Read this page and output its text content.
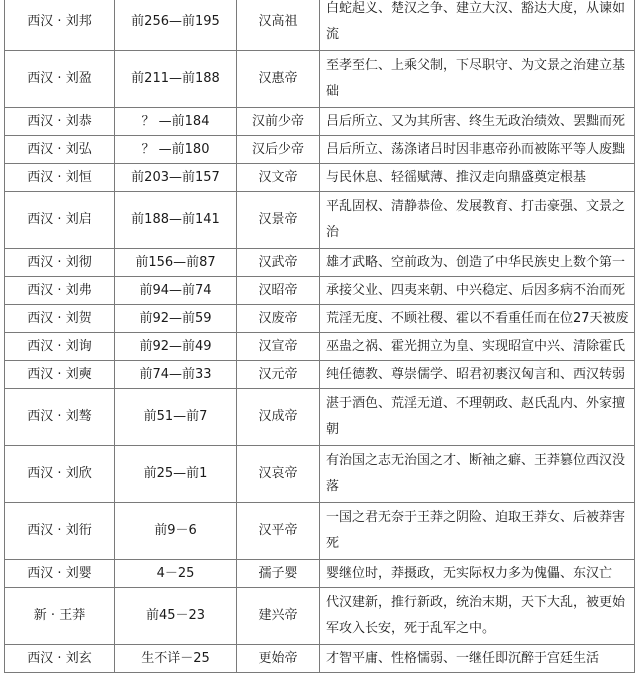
西汉 · 刘邦	前256—前195	汉高祖	白蛇起义、楚汉之争、建立大汉、豁达大度，从谏如流
西汉 · 刘盈	前211—前188	汉惠帝	至孝至仁、上乘父制，下尽职守、为文景之治建立基础
西汉 · 刘恭	？ —前184	汉前少帝	吕后所立、又为其所害、终生无政治绩效、罢黜而死
西汉 · 刘弘	？ —前180	汉后少帝	吕后所立、荡涤诸吕时因非惠帝孙而被陈平等人废黜
西汉 · 刘恒	前203—前157	汉文帝	与民休息、轻徭赋薄、推汉走向鼎盛奠定根基
西汉 · 刘启	前188—前141	汉景帝	平乱固权、清静恭俭、发展教育、打击豪强、文景之治
西汉 · 刘彻	前156—前87	汉武帝	雄才武略、空前政为、创造了中华民族史上数个第一
西汉 · 刘弗	前94—前74	汉昭帝	承接父业、四夷来朝、中兴稳定、后因多病不治而死
西汉 · 刘贺	前92—前59	汉废帝	荒淫无度、不顾社稷、霍以不看重任而在位27天被废
西汉 · 刘询	前92—前49	汉宣帝	巫蛊之祸、霍光拥立为皇、实现昭宣中兴、清除霍氏
西汉 · 刘奭	前74—前33	汉元帝	纯任德教、尊崇儒学、昭君初裹汉匈言和、西汉转弱
西汉 · 刘骜	前51—前7	汉成帝	湛于酒色、荒淫无道、不理朝政、赵氏乱内、外家擅朝
西汉 · 刘欣	前25—前1	汉哀帝	有治国之志无治国之才、断袖之癖、王莽篡位西汉没落
西汉 · 刘衎	前9－6	汉平帝	一国之君无奈于王莽之阴险、迫取王莽女、后被莽害死
西汉 · 刘婴	4－25	孺子婴	婴继位时，莽摄政，无实际权力多为傀儡、东汉亡
新 · 王莽	前45－23	建兴帝	代汉建新，推行新政，统治末期，天下大乱，被更始军攻入长安，死于乱军之中。
西汉 · 刘玄	生不详－25	更始帝	才智平庸、性格懦弱、一继任即沉醉于宫廷生活
